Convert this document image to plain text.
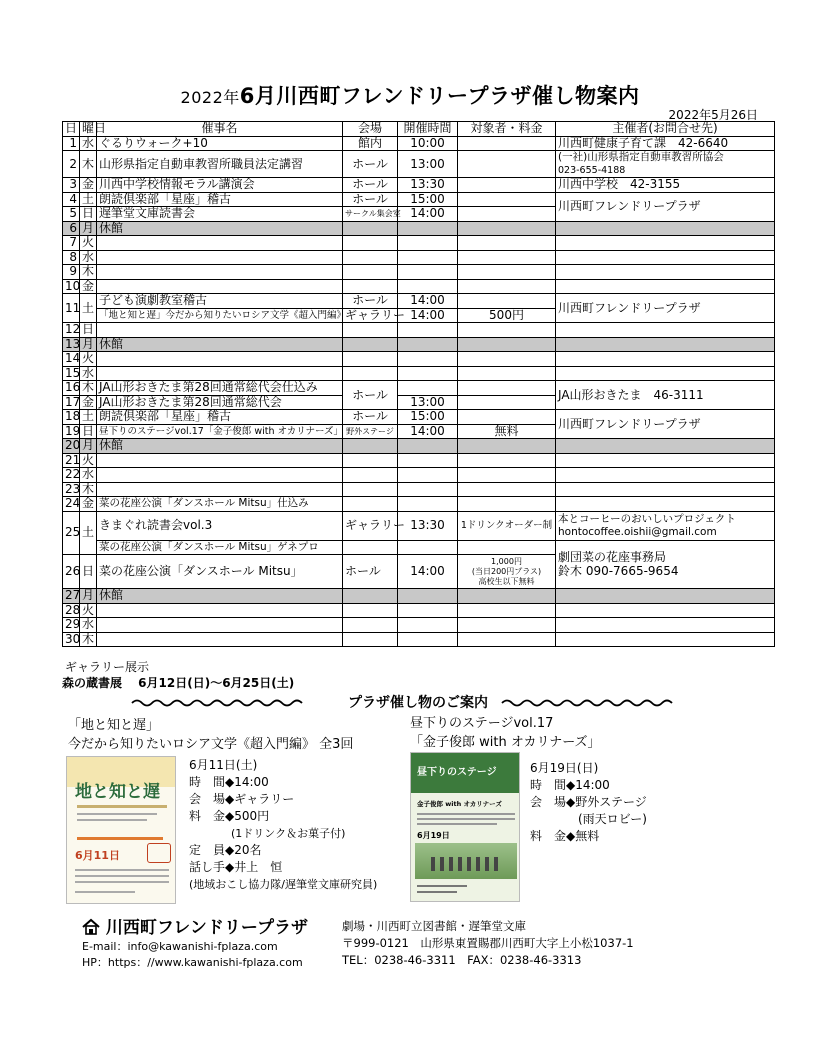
2022年6月川西町フレンドリープラザ催し物案内
2022年5月26日
日	曜日	催事名	会場	開催時間	対象者・料金	主催者(お問合せ先)
1	水	ぐるりウォーク+10	館内	10:00		川西町健康子育て課　42-6640
2	木	山形県指定自動車教習所職員法定講習	ホール	13:00		(一社)山形県指定自動車教習所協会
023-655-4188

3	金	川西中学校情報モラル講演会	ホール	13:30		川西中学校　42-3155
4	土	朗読倶楽部「星座」稽古	ホール	15:00		川西町フレンドリープラザ
5	日	遅筆堂文庫読書会	サークル集会室	14:00		
6	月	休館				
7	火					
8	水					
9	木					
10	金					
11	土	子ども演劇教室稽古	ホール	14:00		川西町フレンドリープラザ
		「地と知と遅」今だから知りたいロシア文学《超入門編》	ギャラリー	14:00	500円	
12	日					
13	月	休館				
14	火					
15	水					
16	木	JA山形おきたま第28回通常総代会仕込み	ホール			JA山形おきたま　46-3111
17	金	JA山形おきたま第28回通常総代会		13:00		
18	土	朗読倶楽部「星座」稽古	ホール	15:00		川西町フレンドリープラザ
19	日	昼下りのステージvol.17「金子俊郎 with オカリナーズ」	野外ステージ	14:00	無料	
20	月	休館				
21	火					
22	水					
23	木					
24	金	菜の花座公演「ダンスホール Mitsu」仕込み				
25	土	きまぐれ読書会vol.3	ギャラリー	13:30	1ドリンクオーダー制	本とコーヒーのおいしいプロジェクト
hontocoffee.oishii@gmail.com

		菜の花座公演「ダンスホール Mitsu」ゲネプロ				劇団菜の花座事務局
鈴木 090-7665-9654

26	日	菜の花座公演「ダンスホール Mitsu」	ホール	14:00	1,000円
(当日200円プラス)
高校生以下無料	

27	月	休館				
28	火					
29	水					
30	木					
ギャラリー展示
森の蔵書展　 6月12日(日)～6月25日(土)
プラザ催し物のご案内
「地と知と遅」
今だから知りたいロシア文学《超入門編》 全3回
地と知と遅
6月11日
6月11日(土)
時　間◆14:00
会　場◆ギャラリー
料　金◆500円
(1ドリンク＆お菓子付)
定　員◆20名
話し手◆井上　恒
(地域おこし協力隊/遅筆堂文庫研究員)
昼下りのステージvol.17
「金子俊郎 with オカリナーズ」
昼下りのステージ
金子俊郎 with オカリナーズ
6月19日
6月19日(日)
時　間◆14:00
会　場◆野外ステージ
(雨天ロビー)
料　金◆無料
川西町フレンドリープラザ
E-mail：info@kawanishi-fplaza.com
HP：https：//www.kawanishi-fplaza.com
劇場・川西町立図書館・遅筆堂文庫
〒999-0121　山形県東置賜郡川西町大字上小松1037-1
TEL：0238-46-3311　FAX：0238-46-3313
